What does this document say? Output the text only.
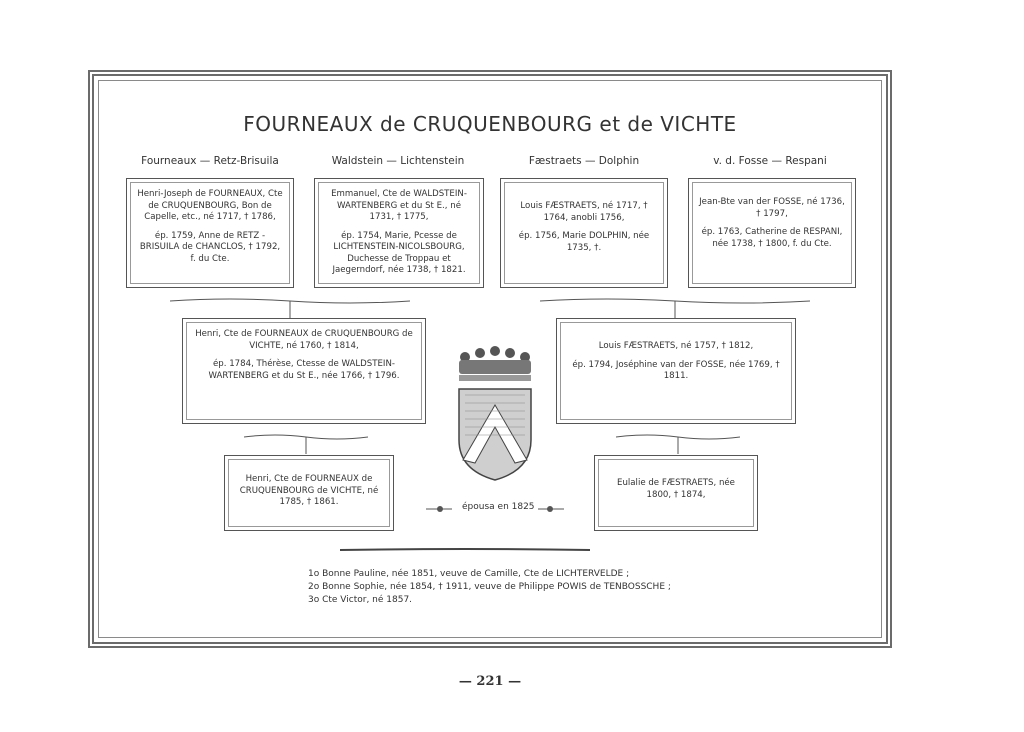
FOURNEAUX de CRUQUENBOURG et de VICHTE
Fourneaux — Retz-Brisuila	Waldstein — Lichtenstein	Fæstraets — Dolphin	v. d. Fosse — Respani

Henri-Joseph de FOURNEAUX, Cte de CRUQUENBOURG, Bon de Capelle, etc., né 1717, † 1786,

ép. 1759, Anne de RETZ - BRISUILA de CHANCLOS, † 1792, f. du Cte.

Emmanuel, Cte de WALDSTEIN-WARTENBERG et du St E., né 1731, † 1775,

ép. 1754, Marie, Pcesse de LICHTENSTEIN-NICOLSBOURG, Duchesse de Troppau et Jaegerndorf, née 1738, † 1821.

Louis FÆSTRAETS, né 1717, † 1764, anobli 1756,

ép. 1756, Marie DOLPHIN, née 1735, †.

Jean-Bte van der FOSSE, né 1736, † 1797,

ép. 1763, Catherine de RESPANI, née 1738, † 1800, f. du Cte.

Henri, Cte de FOURNEAUX de CRUQUENBOURG de VICHTE, né 1760, † 1814,

ép. 1784, Thérèse, Ctesse de WALDSTEIN-WARTENBERG et du St E., née 1766, † 1796.

Louis FÆSTRAETS, né 1757, † 1812,

ép. 1794, Joséphine van der FOSSE, née 1769, † 1811.

Henri, Cte de FOURNEAUX de CRUQUENBOURG de VICHTE, né 1785, † 1861.

Eulalie de FÆSTRAETS, née 1800, † 1874,

épousa en 1825
1o Bonne Pauline, née 1851, veuve de Camille, Cte de LICHTERVELDE ;
2o Bonne Sophie, née 1854, † 1911, veuve de Philippe POWIS de TENBOSSCHE ;
3o Cte Victor, né 1857.
— 221 —
